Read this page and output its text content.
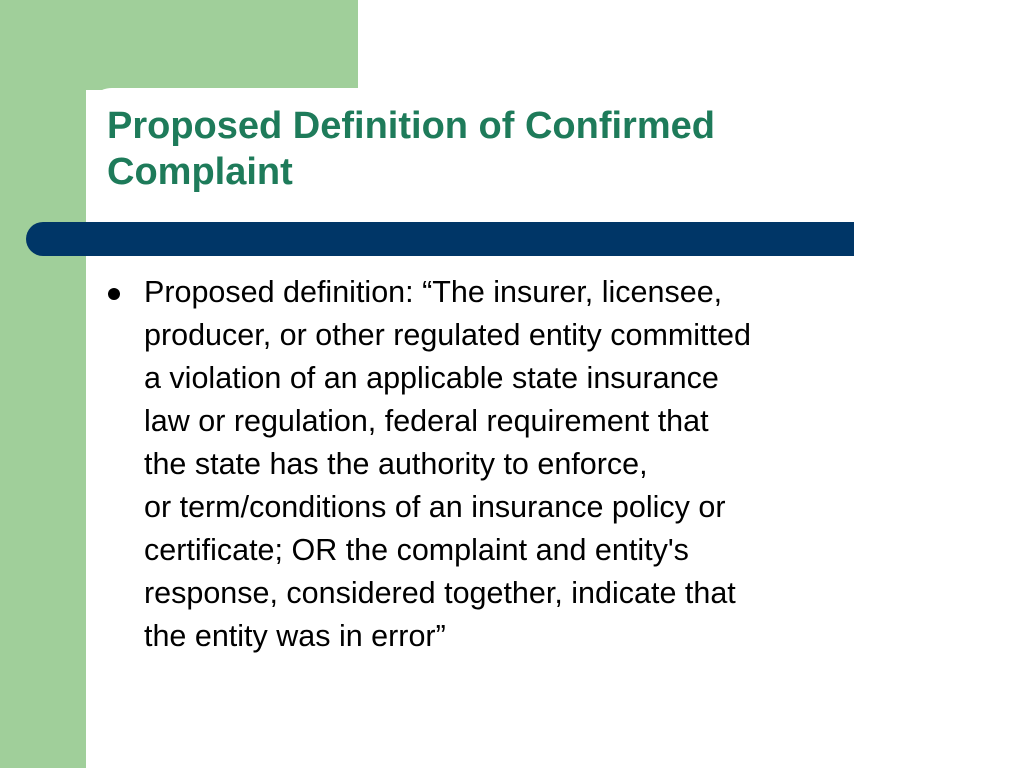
Proposed Definition of Confirmed
Complaint

Proposed definition: “The insurer, licensee,
producer, or other regulated entity committed
a violation of an applicable state insurance
law or regulation, federal requirement that
the state has the authority to enforce,
or term/conditions of an insurance policy or
certificate; OR the complaint and entity's
response, considered together, indicate that
the entity was in error”
